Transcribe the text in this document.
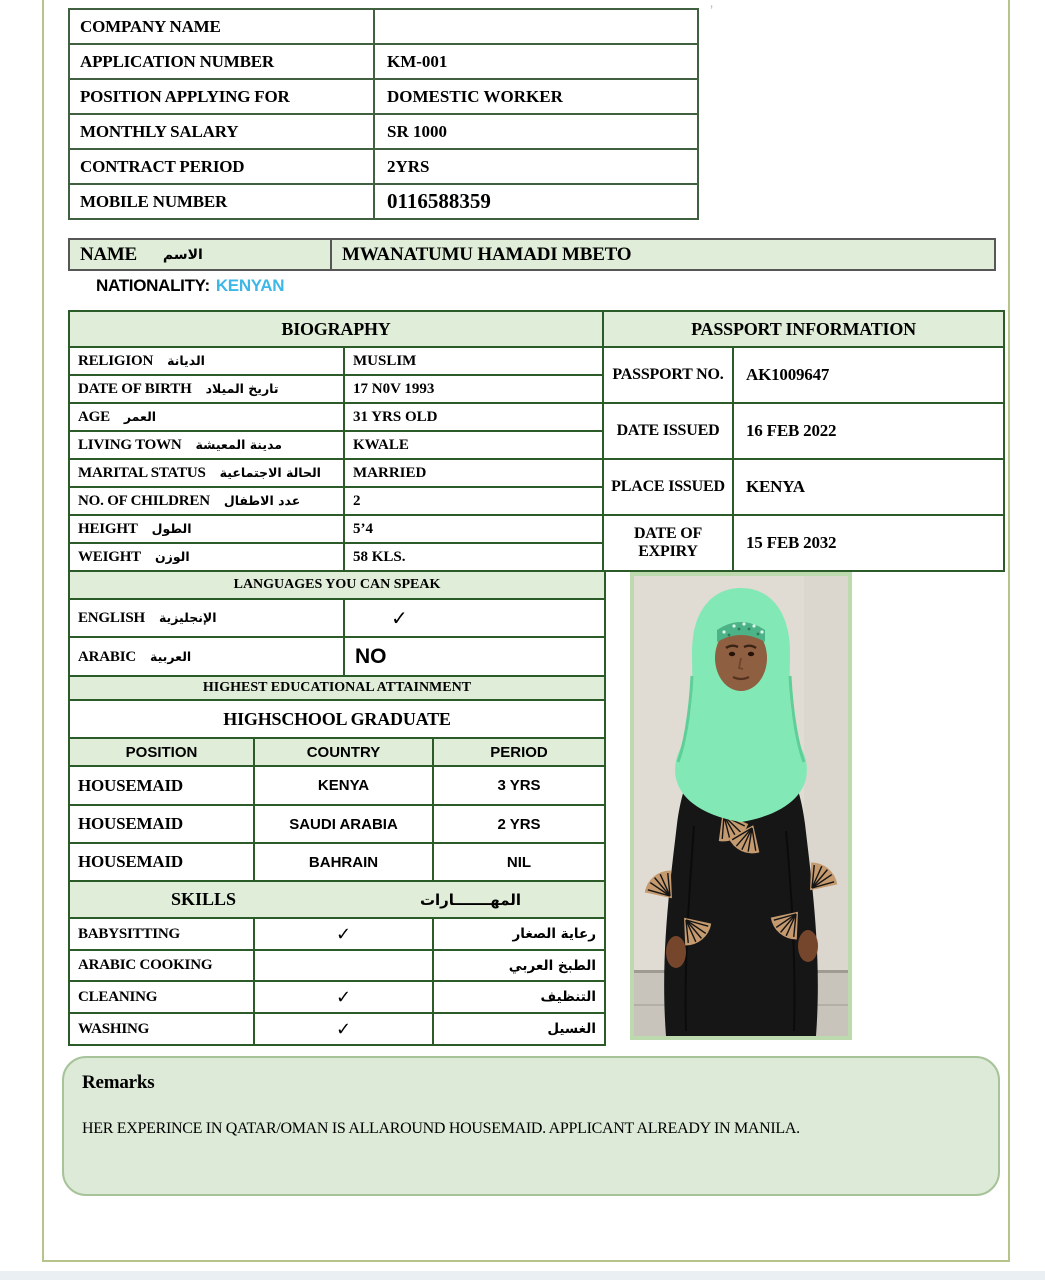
’
COMPANY NAME	
APPLICATION NUMBER	KM-001
POSITION APPLYING FOR	DOMESTIC WORKER
MONTHLY SALARY	SR 1000
CONTRACT PERIOD	2YRS
MOBILE NUMBER	0116588359
NAME الاسم	MWANATUMU HAMADI MBETO
NATIONALITY: KENYAN
BIOGRAPHY		PASSPORT INFORMATION	
RELIGION الديانة	MUSLIM	PASSPORT NO.	AK1009647
DATE OF BIRTH تاريخ الميلاد	17 N0V 1993		
AGE العمر	31 YRS OLD	DATE ISSUED	16 FEB 2022
LIVING TOWN مدينة المعيشة	KWALE		
MARITAL STATUS الحالة الاجتماعية	MARRIED	PLACE ISSUED	KENYA
NO. OF CHILDREN عدد الاطفال	2		
HEIGHT الطول	5’4	DATE OF EXPIRY	15 FEB 2032
WEIGHT الوزن	58 KLS.		
LANGUAGES YOU CAN SPEAK	
ENGLISH الإنجليزية	✓
ARABIC العربية	NO
HIGHEST EDUCATIONAL ATTAINMENT	
HIGHSCHOOL GRADUATE	
POSITION	COUNTRY	PERIOD
HOUSEMAID	KENYA	3 YRS
HOUSEMAID	SAUDI ARABIA	2 YRS
HOUSEMAID	BAHRAIN	NIL

SKILLS المهـــــــارات		

BABYSITTING	✓	رعاية الصغار
ARABIC COOKING		الطبخ العربي
CLEANING	✓	التنظيف
WASHING	✓	الغسيل
Remarks
HER EXPERINCE IN QATAR/OMAN IS ALLAROUND HOUSEMAID. APPLICANT ALREADY IN MANILA.
